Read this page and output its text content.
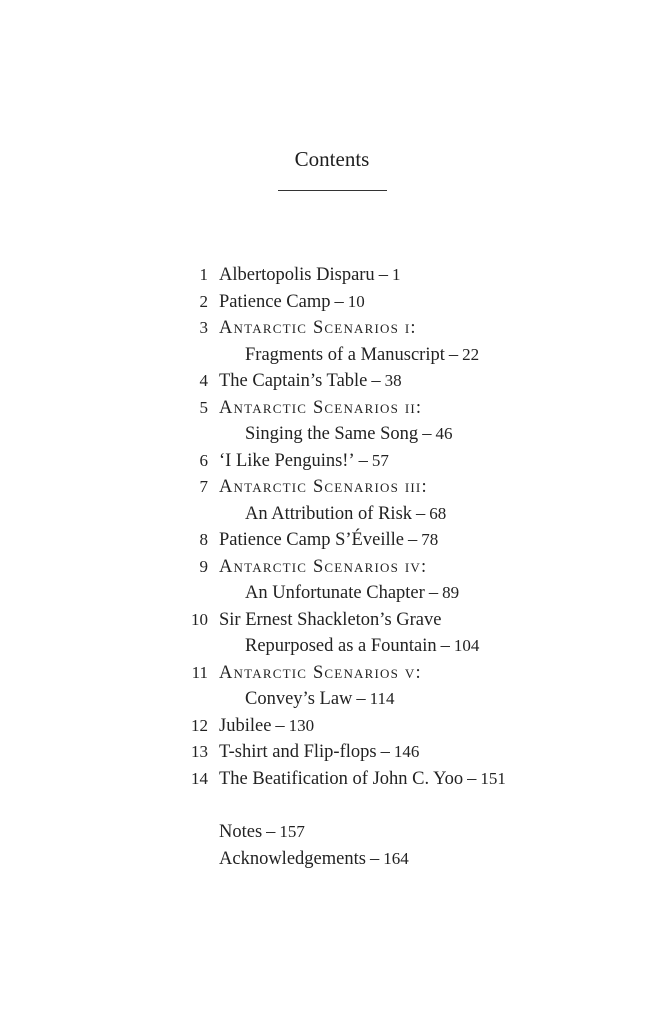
Contents
1 Albertopolis Disparu – 1
2 Patience Camp – 10
3 Antarctic Scenarios i:
Fragments of a Manuscript – 22
4 The Captain’s Table – 38
5 Antarctic Scenarios ii:
Singing the Same Song – 46
6 ‘I Like Penguins!’ – 57
7 Antarctic Scenarios iii:
An Attribution of Risk – 68
8 Patience Camp S’Éveille – 78
9 Antarctic Scenarios iv:
An Unfortunate Chapter – 89
10 Sir Ernest Shackleton’s Grave
Repurposed as a Fountain – 104
11 Antarctic Scenarios v:
Convey’s Law – 114
12 Jubilee – 130
13 T-shirt and Flip-flops – 146
14 The Beatification of John C. Yoo – 151
Notes – 157
Acknowledgements – 164
